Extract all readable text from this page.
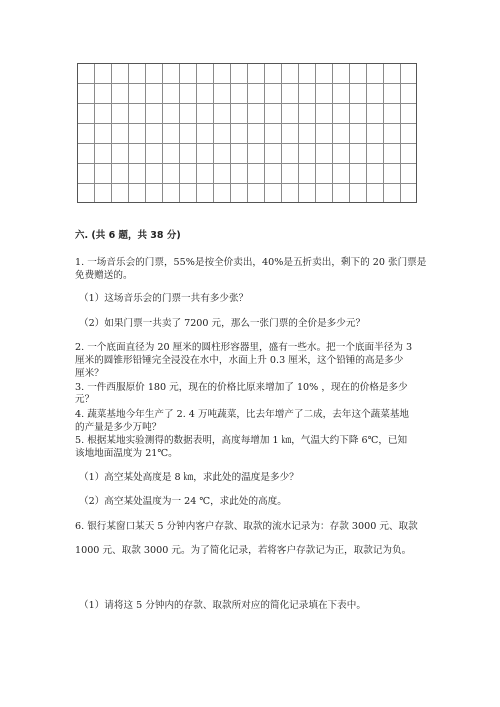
六. (共 6 题，共 38 分)
1. 一场音乐会的门票，55%是按全价卖出，40%是五折卖出，剩下的 20 张门票是
免费赠送的。
（1）这场音乐会的门票一共有多少张？
（2）如果门票一共卖了 7200 元，那么一张门票的全价是多少元？
2. 一个底面直径为 20 厘米的圆柱形容器里，盛有一些水。把一个底面半径为 3
厘米的圆锥形铅锤完全浸没在水中，水面上升 0.3 厘米，这个铅锤的高是多少
厘米？
3. 一件西服原价 180 元，现在的价格比原来增加了 10% ，现在的价格是多少
元？
4. 蔬菜基地今年生产了 2. 4 万吨蔬菜，比去年增产了二成，去年这个蔬菜基地
的产量是多少万吨？
5. 根据某地实验测得的数据表明，高度每增加 1 ㎞，气温大约下降 6℃，已知
该地地面温度为 21℃。
（1）高空某处高度是 8 ㎞，求此处的温度是多少？
（2）高空某处温度为一 24 ℃，求此处的高度。
6. 银行某窗口某天 5 分钟内客户存款、取款的流水记录为：存款 3000 元、取款
1000 元、取款 3000 元。为了简化记录，若将客户存款记为正，取款记为负。
（1）请将这 5 分钟内的存款、取款所对应的简化记录填在下表中。
